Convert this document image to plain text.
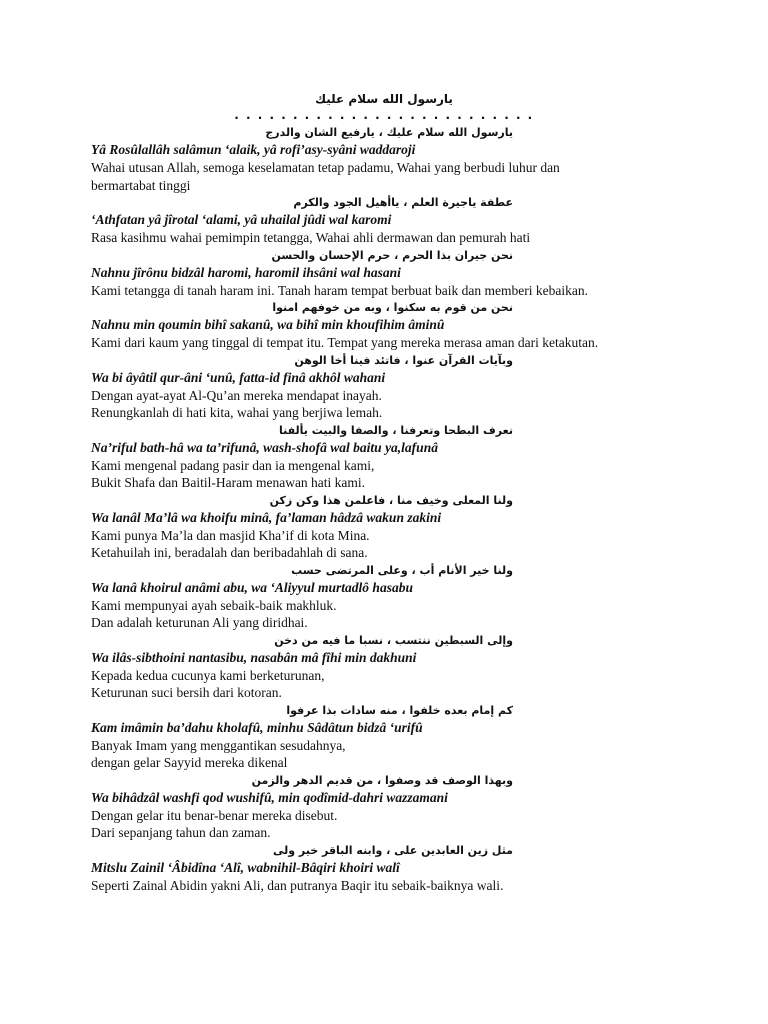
يارسول الله سلام عليك
. . . . . . . . . . . . . . . . . . . . . . . . . .
يارسول الله سلام عليك ، يارفيع الشان والدرج
Yâ Rosûlallâh salâmun ‘alaik, yâ rofi’asy-syâni waddaroji
Wahai utusan Allah, semoga keselamatan tetap padamu, Wahai yang berbudi luhur dan
bermartabat tinggi
عطفة ياجيرة العلم ، ياأهيل الجود والكرم
‘Athfatan yâ jîrotal ‘alami, yâ uhailal jûdi wal karomi
Rasa kasihmu wahai pemimpin tetangga, Wahai ahli dermawan dan pemurah hati
نحن جيران بذا الحرم ، حرم الإحسان والحسن
Nahnu jîrônu bidzâl haromi, haromil ihsâni wal hasani
Kami tetangga di tanah haram ini. Tanah haram tempat berbuat baik dan memberi kebaikan.
نحن من قوم به سكنوا ، وبه من خوفهم امنوا
Nahnu min qoumin bihî sakanû, wa bihî min khoufihim âminû
Kami dari kaum yang tinggal di tempat itu. Tempat yang mereka merasa aman dari ketakutan.
وبآيات القرآن عنوا ، فاتئد فينا أخا الوهن
Wa bi âyâtil qur-âni ‘unû, fatta-id finâ akhôl wahani
Dengan ayat-ayat Al-Qu’an mereka mendapat inayah.
Renungkanlah di hati kita, wahai yang berjiwa lemah.
نعرف البطحا وتعرفنا ، والصفا والبيت يألفنا
Na’riful bath-hâ wa ta’rifunâ, wash-shofâ wal baitu ya,lafunâ
Kami mengenal padang pasir dan ia mengenal kami,
Bukit Shafa dan Baitil-Haram menawan hati kami.
ولنا المعلى وخيف منا ، فاعلمن هذا وكن زكن
Wa lanâl Ma’lâ wa khoifu minâ, fa’laman hâdzâ wakun zakini
Kami punya Ma’la dan masjid Kha’if di kota Mina.
Ketahuilah ini, beradalah dan beribadahlah di sana.
ولنا خير الأنام أب ، وعلى المرتضى حسب
Wa lanâ khoirul anâmi abu, wa ‘Aliyyul murtadlô hasabu
Kami mempunyai ayah sebaik-baik makhluk.
Dan adalah keturunan Ali yang diridhai.
وإلى السبطين ننتسب ، نسبا ما فيه من دخن
Wa ilâs-sibthoini nantasibu, nasabân mâ fîhi min dakhuni
Kepada kedua cucunya kami berketurunan,
Keturunan suci bersih dari kotoran.
كم إمام بعده خلفوا ، منه سادات بذا عرفوا
Kam imâmin ba’dahu kholafû, minhu Sâdâtun bidzâ ‘urifû
Banyak Imam yang menggantikan sesudahnya,
dengan gelar Sayyid mereka dikenal
وبهذا الوصف قد وصفوا ، من قديم الدهر والزمن
Wa bihâdzâl washfi qod wushifû, min qodîmid-dahri wazzamani
Dengan gelar itu benar-benar mereka disebut.
Dari sepanjang tahun dan zaman.
مثل زين العابدين على ، وابنه الباقر خير ولى
Mitslu Zainil ‘Âbidîna ‘Alî, wabnihil-Bâqiri khoiri walî
Seperti Zainal Abidin yakni Ali, dan putranya Baqir itu sebaik-baiknya wali.
